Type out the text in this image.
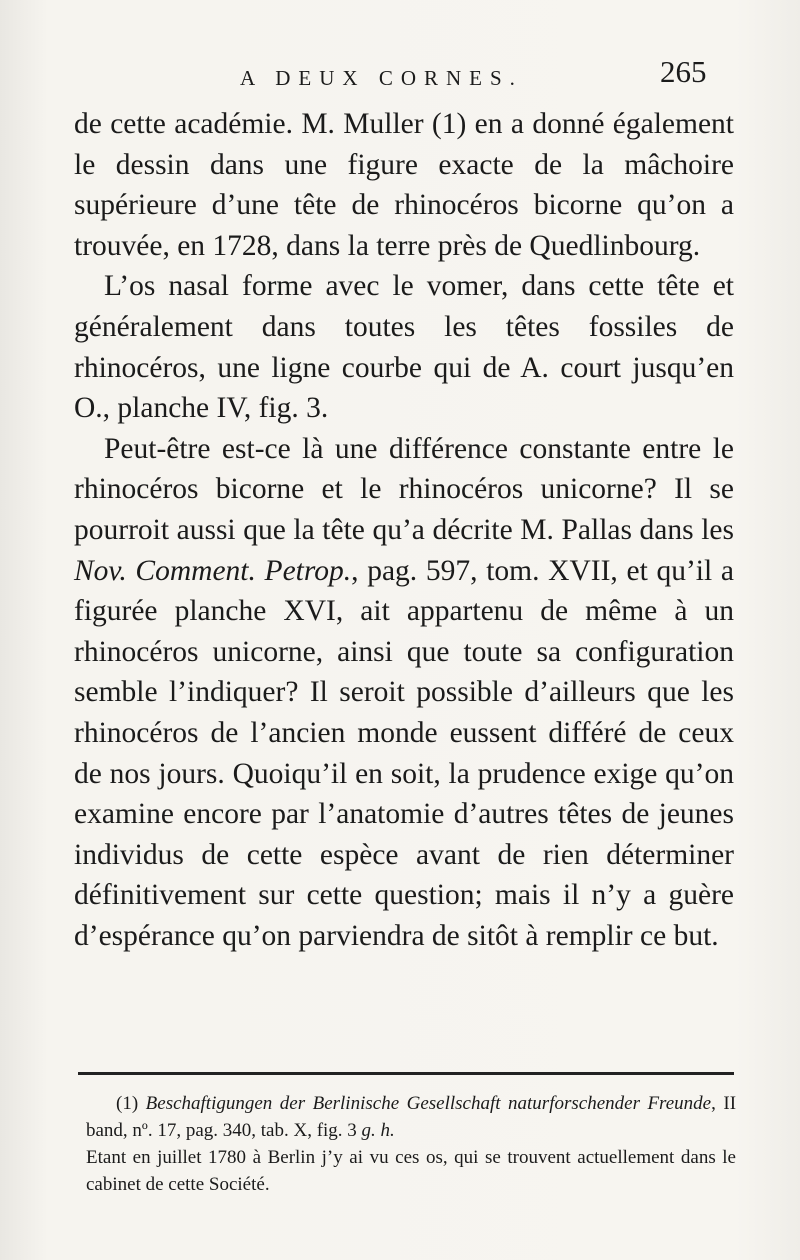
A DEUX CORNES.	265

de cette académie. M. Muller (1) en a donné également le dessin dans une figure exacte de la mâchoire supérieure d’une tête de rhinocéros bicorne qu’on a trouvée, en 1728, dans la terre près de Quedlinbourg.

L’os nasal forme avec le vomer, dans cette tête et généralement dans toutes les têtes fossiles de rhinocéros, une ligne courbe qui de A. court jusqu’en O., planche IV, fig. 3.

Peut-être est-ce là une différence constante entre le rhinocéros bicorne et le rhinocéros unicorne? Il se pourroit aussi que la tête qu’a décrite M. Pallas dans les Nov. Comment. Petrop., pag. 597, tom. XVII, et qu’il a figurée planche XVI, ait appartenu de même à un rhinocéros unicorne, ainsi que toute sa configuration semble l’indiquer? Il seroit possible d’ailleurs que les rhinocéros de l’ancien monde eussent différé de ceux de nos jours. Quoiqu’il en soit, la prudence exige qu’on examine encore par l’anatomie d’autres têtes de jeunes individus de cette espèce avant de rien déterminer définitivement sur cette question; mais il n’y a guère d’espérance qu’on parviendra de sitôt à remplir ce but.

(1) Beschaftigungen der Berlinische Gesellschaft naturforschender Freunde, II band, nº. 17, pag. 340, tab. X, fig. 3 g. h.
Etant en juillet 1780 à Berlin j’y ai vu ces os, qui se trouvent actuellement dans le cabinet de cette Société.
